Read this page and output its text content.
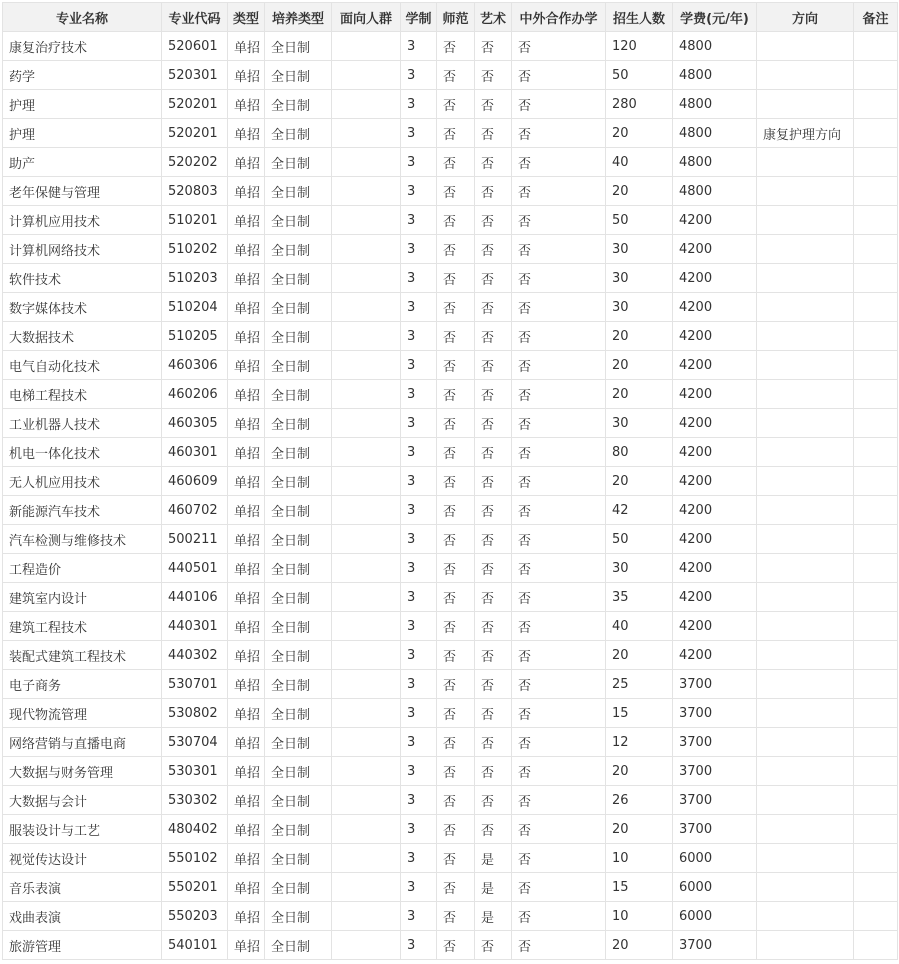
专业名称	专业代码	类型	培养类型	面向人群	学制	师范	艺术	中外合作办学	招生人数	学费(元/年)	方向	备注
康复治疗技术	520601	单招	全日制		3	否	否	否	120	4800		
药学	520301	单招	全日制		3	否	否	否	50	4800		
护理	520201	单招	全日制		3	否	否	否	280	4800		
护理	520201	单招	全日制		3	否	否	否	20	4800	康复护理方向	
助产	520202	单招	全日制		3	否	否	否	40	4800		
老年保健与管理	520803	单招	全日制		3	否	否	否	20	4800		
计算机应用技术	510201	单招	全日制		3	否	否	否	50	4200		
计算机网络技术	510202	单招	全日制		3	否	否	否	30	4200		
软件技术	510203	单招	全日制		3	否	否	否	30	4200		
数字媒体技术	510204	单招	全日制		3	否	否	否	30	4200		
大数据技术	510205	单招	全日制		3	否	否	否	20	4200		
电气自动化技术	460306	单招	全日制		3	否	否	否	20	4200		
电梯工程技术	460206	单招	全日制		3	否	否	否	20	4200		
工业机器人技术	460305	单招	全日制		3	否	否	否	30	4200		
机电一体化技术	460301	单招	全日制		3	否	否	否	80	4200		
无人机应用技术	460609	单招	全日制		3	否	否	否	20	4200		
新能源汽车技术	460702	单招	全日制		3	否	否	否	42	4200		
汽车检测与维修技术	500211	单招	全日制		3	否	否	否	50	4200		
工程造价	440501	单招	全日制		3	否	否	否	30	4200		
建筑室内设计	440106	单招	全日制		3	否	否	否	35	4200		
建筑工程技术	440301	单招	全日制		3	否	否	否	40	4200		
装配式建筑工程技术	440302	单招	全日制		3	否	否	否	20	4200		
电子商务	530701	单招	全日制		3	否	否	否	25	3700		
现代物流管理	530802	单招	全日制		3	否	否	否	15	3700		
网络营销与直播电商	530704	单招	全日制		3	否	否	否	12	3700		
大数据与财务管理	530301	单招	全日制		3	否	否	否	20	3700		
大数据与会计	530302	单招	全日制		3	否	否	否	26	3700		
服装设计与工艺	480402	单招	全日制		3	否	否	否	20	3700		
视觉传达设计	550102	单招	全日制		3	否	是	否	10	6000		
音乐表演	550201	单招	全日制		3	否	是	否	15	6000		
戏曲表演	550203	单招	全日制		3	否	是	否	10	6000		
旅游管理	540101	单招	全日制		3	否	否	否	20	3700		
